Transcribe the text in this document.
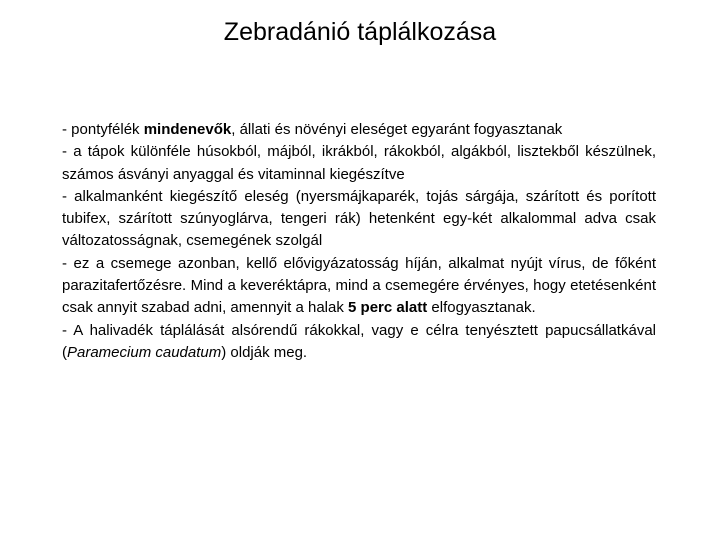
Zebradánió táplálkozása

- pontyfélék mindenevők, állati és növényi eleséget egyaránt fogyasztanak

- a tápok különféle húsokból, májból, ikrákból, rákokból, algákból, lisztekből készülnek, számos ásványi anyaggal és vitaminnal kiegészítve

- alkalmanként kiegészítő eleség (nyersmájkaparék, tojás sárgája, szárított és porított tubifex, szárított szúnyoglárva, tengeri rák) hetenként egy-két alkalommal adva csak változatosságnak, csemegének szolgál

- ez a csemege azonban, kellő elővigyázatosság híján, alkalmat nyújt vírus, de főként parazitafertőzésre. Mind a keveréktápra, mind a csemegére érvényes, hogy etetésenként csak annyit szabad adni, amennyit a halak 5 perc alatt elfogyasztanak.

- A halivadék táplálását alsórendű rákokkal, vagy e célra tenyésztett papucsállatkával (Paramecium caudatum) oldják meg.
